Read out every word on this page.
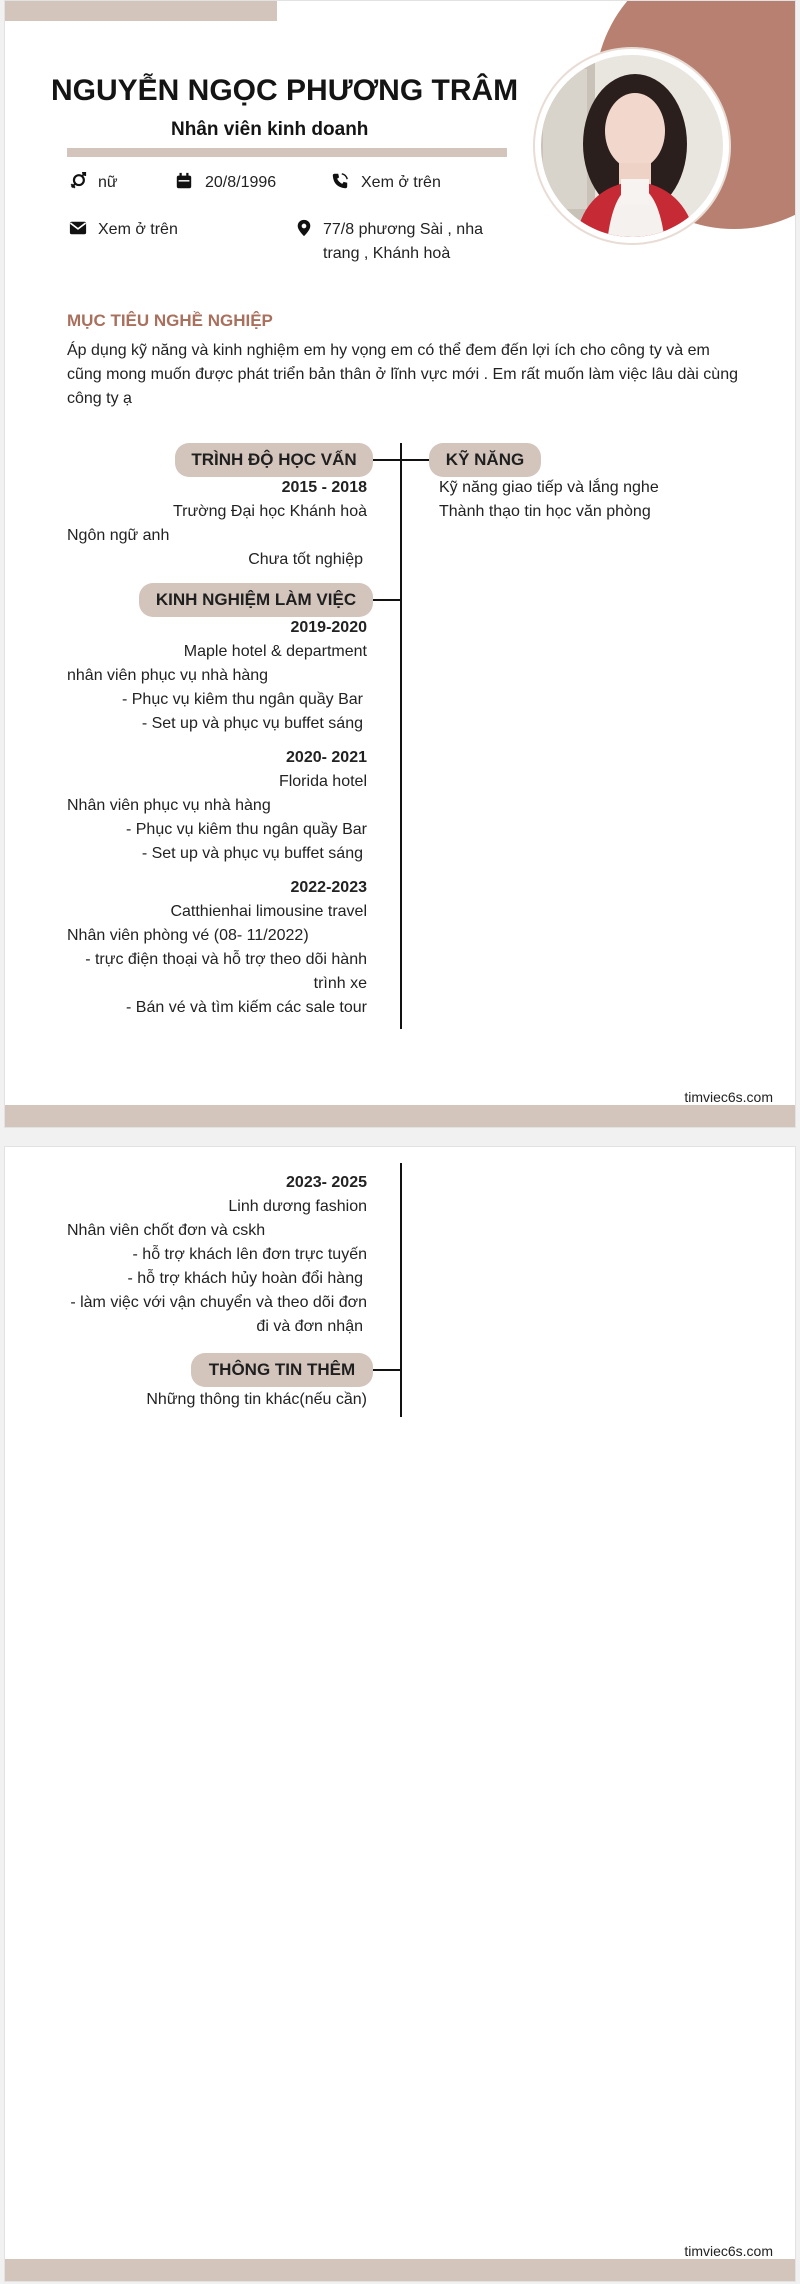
NGUYỄN NGỌC PHƯƠNG TRÂM
Nhân viên kinh doanh
nữ	20/8/1996	Xem ở trên
Xem ở trên	77/8 phương Sài , nha
trang , Khánh hoà
MỤC TIÊU NGHỀ NGHIỆP
Áp dụng kỹ năng và kinh nghiệm em hy vọng em có thể đem đến lợi ích cho công ty và em
cũng mong muốn được phát triển bản thân ở lĩnh vực mới . Em rất muốn làm việc lâu dài cùng
công ty ạ
TRÌNH ĐỘ HỌC VẤN
2015 - 2018
Trường Đại học Khánh hoà
Ngôn ngữ anh
Chưa tốt nghiệp
KỸ NĂNG
Kỹ năng giao tiếp và lắng nghe
Thành thạo tin học văn phòng
KINH NGHIỆM LÀM VIỆC
2019-2020
Maple hotel & department
nhân viên phục vụ nhà hàng
- Phục vụ kiêm thu ngân quầy Bar
- Set up và phục vụ buffet sáng
2020- 2021
Florida hotel
Nhân viên phục vụ nhà hàng
- Phục vụ kiêm thu ngân quầy Bar
- Set up và phục vụ buffet sáng
2022-2023
Catthienhai limousine travel
Nhân viên phòng vé (08- 11/2022)
- trực điện thoại và hỗ trợ theo dõi hành
trình xe
- Bán vé và tìm kiếm các sale tour
timviec6s.com
2023- 2025
Linh dương fashion
Nhân viên chốt đơn và cskh
- hỗ trợ khách lên đơn trực tuyến
- hỗ trợ khách hủy hoàn đổi hàng
- làm việc với vận chuyển và theo dõi đơn
đi và đơn nhận
THÔNG TIN THÊM
Những thông tin khác(nếu cần)
timviec6s.com
